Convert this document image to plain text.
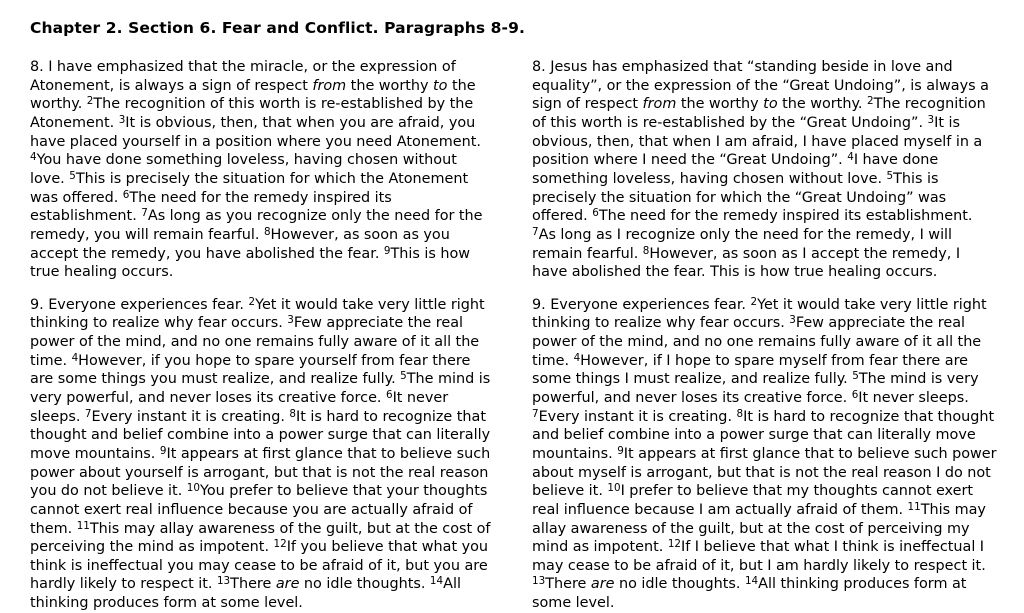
Chapter 2. Section 6. Fear and Conflict. Paragraphs 8-9.

8. I have emphasized that the miracle, or the expression of Atonement, is always a sign of respect from the worthy to the worthy. $^2$The recognition of this worth is re-established by the Atonement. $^3$It is obvious, then, that when you are afraid, you have placed yourself in a position where you need Atonement. $^4$You have done something loveless, having chosen without love. $^5$This is precisely the situation for which the Atonement was offered. $^6$The need for the remedy inspired its establishment. $^7$As long as you recognize only the need for the remedy, you will remain fearful. $^8$However, as soon as you accept the remedy, you have abolished the fear. $^9$This is how true healing occurs.

9. Everyone experiences fear. $^2$Yet it would take very little right thinking to realize why fear occurs. $^3$Few appreciate the real power of the mind, and no one remains fully aware of it all the time. $^4$However, if you hope to spare yourself from fear there are some things you must realize, and realize fully. $^5$The mind is very powerful, and never loses its creative force. $^6$It never sleeps. $^7$Every instant it is creating. $^8$It is hard to recognize that thought and belief combine into a power surge that can literally move mountains. $^9$It appears at first glance that to believe such power about yourself is arrogant, but that is not the real reason you do not believe it. $^{10}$You prefer to believe that your thoughts cannot exert real influence because you are actually afraid of them. $^{11}$This may allay awareness of the guilt, but at the cost of perceiving the mind as impotent. $^{12}$If you believe that what you think is ineffectual you may cease to be afraid of it, but you are hardly likely to respect it. $^{13}$There are no idle thoughts. $^{14}$All thinking produces form at some level.

8. Jesus has emphasized that “standing beside in love and equality”, or the expression of the “Great Undoing”, is always a sign of respect from the worthy to the worthy. $^2$The recognition of this worth is re-established by the “Great Undoing”. $^3$It is obvious, then, that when I am afraid, I have placed myself in a position where I need the “Great Undoing”. $^4$I have done something loveless, having chosen without love. $^5$This is precisely the situation for which the “Great Undoing” was offered. $^6$The need for the remedy inspired its establishment. $^7$As long as I recognize only the need for the remedy, I will remain fearful. $^8$However, as soon as I accept the remedy, I have abolished the fear. This is how true healing occurs.

9. Everyone experiences fear. $^2$Yet it would take very little right thinking to realize why fear occurs. $^3$Few appreciate the real power of the mind, and no one remains fully aware of it all the time. $^4$However, if I hope to spare myself from fear there are some things I must realize, and realize fully. $^5$The mind is very powerful, and never loses its creative force. $^6$It never sleeps. $^7$Every instant it is creating. $^8$It is hard to recognize that thought and belief combine into a power surge that can literally move mountains. $^9$It appears at first glance that to believe such power about myself is arrogant, but that is not the real reason I do not believe it. $^{10}$I prefer to believe that my thoughts cannot exert real influence because I am actually afraid of them. $^{11}$This may allay awareness of the guilt, but at the cost of perceiving my mind as impotent. $^{12}$If I believe that what I think is ineffectual I may cease to be afraid of it, but I am hardly likely to respect it. $^{13}$There are no idle thoughts. $^{14}$All thinking produces form at some level.
